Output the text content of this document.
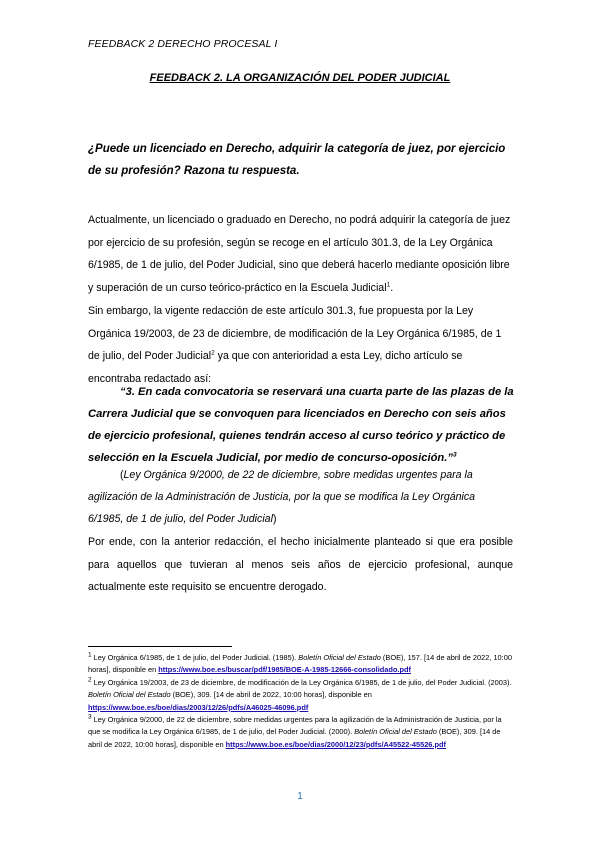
FEEDBACK 2 DERECHO PROCESAL I
FEEDBACK 2. LA ORGANIZACIÓN DEL PODER JUDICIAL
¿Puede un licenciado en Derecho, adquirir la categoría de juez, por ejercicio de su profesión? Razona tu respuesta.
Actualmente, un licenciado o graduado en Derecho, no podrá adquirir la categoría de juez por ejercicio de su profesión, según se recoge en el artículo 301.3, de la Ley Orgánica 6/1985, de 1 de julio, del Poder Judicial, sino que deberá hacerlo mediante oposición libre y superación de un curso teórico-práctico en la Escuela Judicial$^1$.
Sin embargo, la vigente redacción de este artículo 301.3, fue propuesta por la Ley Orgánica 19/2003, de 23 de diciembre, de modificación de la Ley Orgánica 6/1985, de 1 de julio, del Poder Judicial$^2$ ya que con anterioridad a esta Ley, dicho artículo se encontraba redactado así:
“3. En cada convocatoria se reservará una cuarta parte de las plazas de la Carrera Judicial que se convoquen para licenciados en Derecho con seis años de ejercicio profesional, quienes tendrán acceso al curso teórico y práctico de selección en la Escuela Judicial, por medio de concurso-oposición.”$^3$
(Ley Orgánica 9/2000, de 22 de diciembre, sobre medidas urgentes para la agilización de la Administración de Justicia, por la que se modifica la Ley Orgánica 6/1985, de 1 de julio, del Poder Judicial)
Por ende, con la anterior redacción, el hecho inicialmente planteado si que era posible para aquellos que tuvieran al menos seis años de ejercicio profesional, aunque actualmente este requisito se encuentre derogado.

$^1$ Ley Orgánica 6/1985, de 1 de julio, del Poder Judicial. (1985). Boletín Oficial del Estado (BOE), 157. [14 de abril de 2022, 10:00 horas], disponible en https://www.boe.es/buscar/pdf/1985/BOE-A-1985-12666-consolidado.pdf

$^2$ Ley Orgánica 19/2003, de 23 de diciembre, de modificación de la Ley Orgánica 6/1985, de 1 de julio, del Poder Judicial. (2003). Boletín Oficial del Estado (BOE), 309. [14 de abril de 2022, 10:00 horas], disponible en https://www.boe.es/boe/dias/2003/12/26/pdfs/A46025-46096.pdf

$^3$ Ley Orgánica 9/2000, de 22 de diciembre, sobre medidas urgentes para la agilización de la Administración de Justicia, por la que se modifica la Ley Orgánica 6/1985, de 1 de julio, del Poder Judicial. (2000). Boletín Oficial del Estado (BOE), 309. [14 de abril de 2022, 10:00 horas], disponible en https://www.boe.es/boe/dias/2000/12/23/pdfs/A45522-45526.pdf

1
